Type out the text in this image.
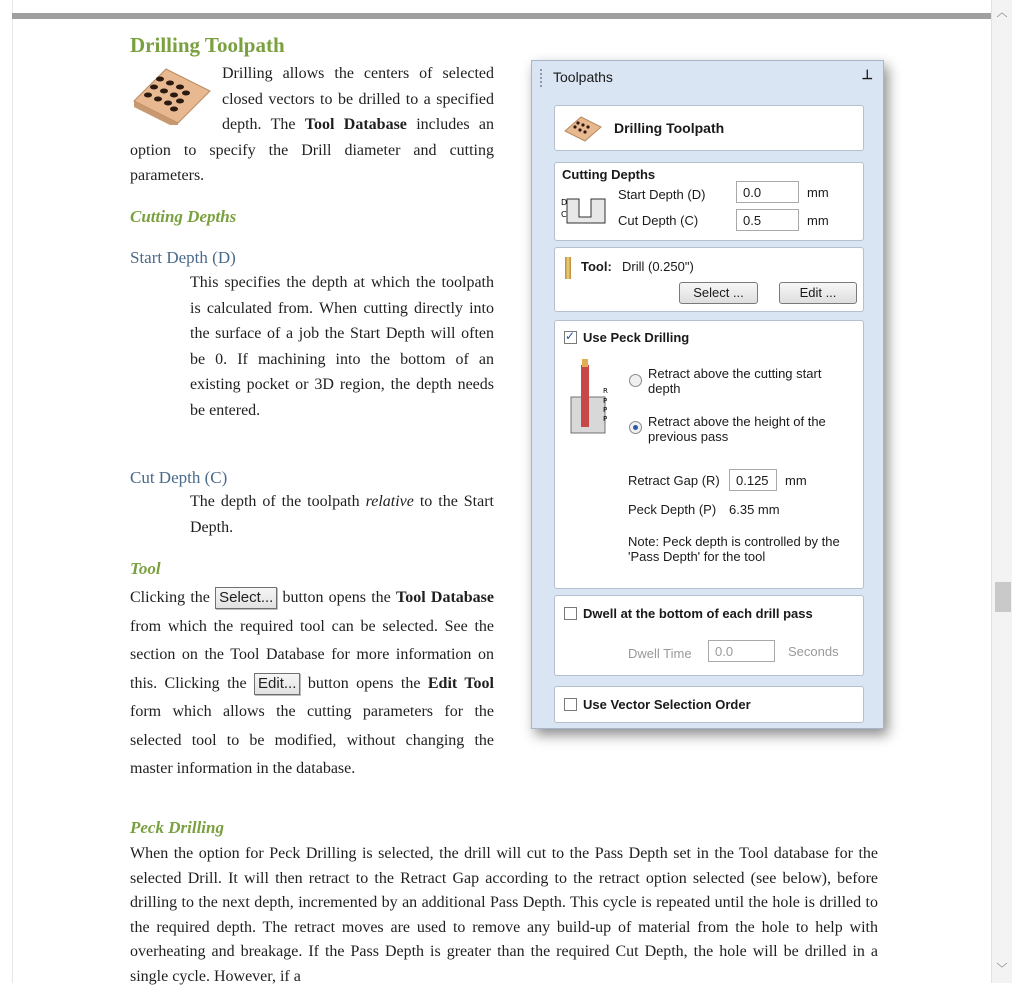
︿
﹀
Drilling Toolpath
Drilling allows the centers of selected closed vectors to be drilled to a specified depth. The Tool Database includes an option to specify the Drill diameter and cutting parameters.
Cutting Depths
Start Depth (D)
This specifies the depth at which the toolpath is calculated from. When cutting directly into the surface of a job the Start Depth will often be 0. If machining into the bottom of an existing pocket or 3D region, the depth needs be entered.
Cut Depth (C)
The depth of the toolpath relative to the Start Depth.
Tool
Clicking the Select... button opens the Tool Database from which the required tool can be selected. See the section on the Tool Database for more information on this. Clicking the Edit... button opens the Edit Tool form which allows the cutting parameters for the selected tool to be modified, without changing the master information in the database.
Peck Drilling
When the option for Peck Drilling is selected, the drill will cut to the Pass Depth set in the Tool database for the selected Drill. It will then retract to the Retract Gap according to the retract option selected (see below), before drilling to the next depth, incremented by an additional Pass Depth. This cycle is repeated until the hole is drilled to the required depth. The retract moves are used to remove any build-up of material from the hole to help with overheating and breakage. If the Pass Depth is greater than the required Cut Depth, the hole will be drilled in a single cycle. However, if a
Toolpaths	⊥
Drilling Toolpath
Cutting Depths
D
C
Start Depth (D)	0.0	mm
Cut Depth (C)	0.5	mm
Tool: Drill (0.250")
Select ...	Edit ...
✓
Use Peck Drilling
R
P
P
P
Retract above the cutting start depth
Retract above the height of the previous pass
Retract Gap (R)	0.125	mm
Peck Depth (P) 6.35 mm
Note: Peck depth is controlled by the 'Pass Depth' for the tool
Dwell at the bottom of each drill pass
Dwell Time	0.0	Seconds
Use Vector Selection Order
